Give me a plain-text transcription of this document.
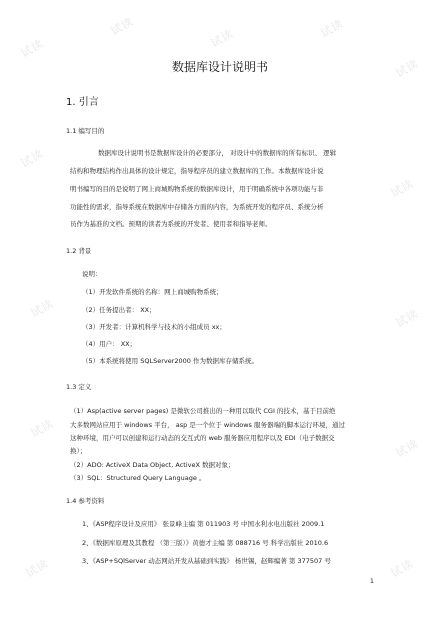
试读
试读
试读	试读
试读
试读
试读
试读
试读
试读
试读
试读	试读
数据库设计说明书
1. 引言
1.1 编写目的
数据库设计说明书是数据库设计的必要部分， 对设计中的数据库的所有标识、 逻辑
结构和物理结构作出具体的设计规定，指导程序员的建立数据库的工作。本数据库设计说
明书编写的目的是说明了网上商城购物系统的数据库设计，用于明确系统中各项功能与非
功能性的需求，指导系统在数据库中存储各方面的内容，为系统开发的程序员、系统分析
员作为基准的文档。预期的读者为系统的开发者、使用者和指导老师。
1.2 背景
说明：
（1）开发软件系统的名称：网上商城购物系统；
（2）任务提出者： XX；
（3）开发者：计算机科学与技术的小组成员 xx；
（4）用户： XX；
（5）本系统将使用 SQLServer2000 作为数据库存储系统。
1.3 定义
（1）Asp(active server pages) 是微软公司推出的一种用以取代 CGI 的技术，基于目前绝
大多数网站应用于 windows 平台， asp 是一个位于 windows 服务器端的脚本运行环境，通过
这种环境，用户可以创建和运行动态的交互式的 web 服务器应用程序以及 EDI（电子数据交
换）；
（2）ADO: ActiveX Data Object, ActiveX 数据对象；
（3）SQL：Structured Query Language 。
1.4 参考资料
1、《ASP程序设计及应用》 张景峰主编 第 011903 号 中国水利水电出版社 2009.1
2、《数据库原理及其教程 （第三版）》黄德才主编 第 088716 号 科学出版社 2010.6
3、《ASP+SQlServer 动态网站开发从基础到实践》 杨世锡，赵辉编著 第 377507 号
1
